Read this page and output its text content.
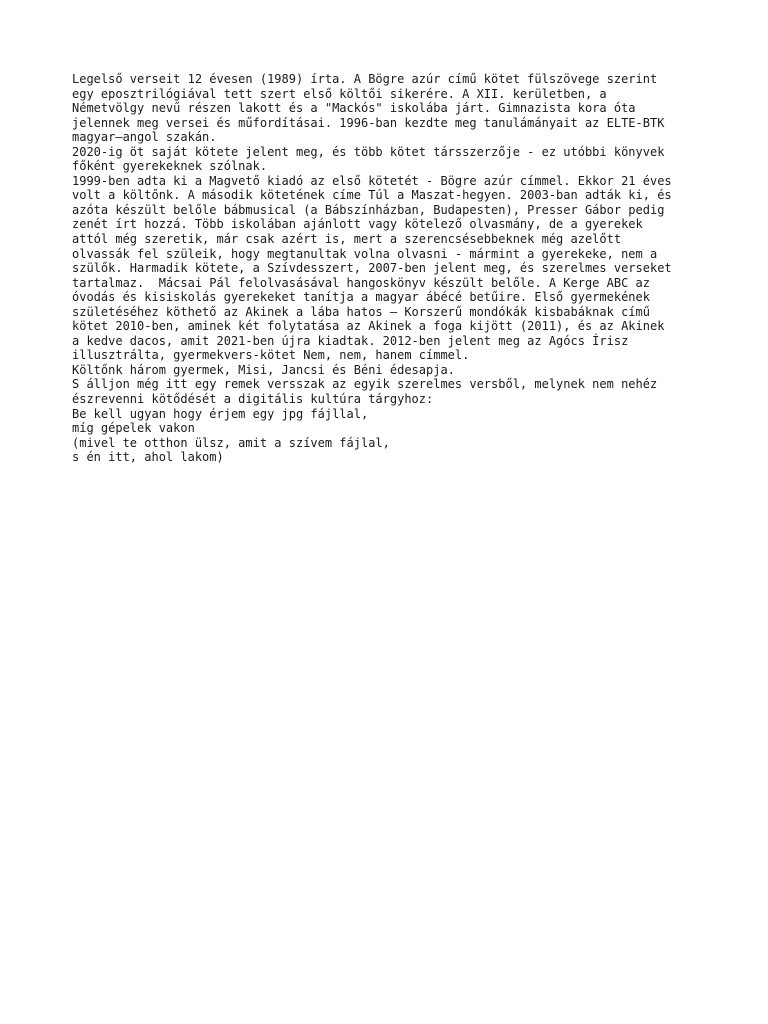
Legelső verseit 12 évesen (1989) írta. A Bögre azúr című kötet fülszövege szerint
egy eposztrilógiával tett szert első költői sikerére. A XII. kerületben, a
Németvölgy nevű részen lakott és a "Mackós" iskolába járt. Gimnazista kora óta
jelennek meg versei és műfordításai. 1996-ban kezdte meg tanulámányait az ELTE-BTK
magyar–angol szakán.

2020-ig öt saját kötete jelent meg, és több kötet társszerzője - ez utóbbi könyvek
főként gyerekeknek szólnak.

1999-ben adta ki a Magvető kiadó az első kötetét - Bögre azúr címmel. Ekkor 21 éves
volt a költőnk. A második kötetének címe Túl a Maszat-hegyen. 2003-ban adták ki, és
azóta készült belőle bábmusical (a Bábszínházban, Budapesten), Presser Gábor pedig
zenét írt hozzá. Több iskolában ajánlott vagy kötelező olvasmány, de a gyerekek
attól még szeretik, már csak azért is, mert a szerencsésebbeknek még azelőtt
olvassák fel szüleik, hogy megtanultak volna olvasni - mármint a gyerekeke, nem a
szülők. Harmadik kötete, a Szívdesszert, 2007-ben jelent meg, és szerelmes verseket
tartalmaz.  Mácsai Pál felolvasásával hangoskönyv készült belőle. A Kerge ABC az
óvodás és kisiskolás gyerekeket tanítja a magyar ábécé betűire. Első gyermekének
születéséhez köthető az Akinek a lába hatos – Korszerű mondókák kisbabáknak című
kötet 2010-ben, aminek két folytatása az Akinek a foga kijött (2011), és az Akinek
a kedve dacos, amit 2021-ben újra kiadtak. 2012-ben jelent meg az Agócs Írisz
illusztrálta, gyermekvers-kötet Nem, nem, hanem címmel.

Költőnk három gyermek, Misi, Jancsi és Béni édesapja.

S álljon még itt egy remek versszak az egyik szerelmes versből, melynek nem nehéz
észrevenni kötődését a digitális kultúra tárgyhoz:

Be kell ugyan hogy érjem egy jpg fájllal,
míg gépelek vakon
(mivel te otthon ülsz, amit a szívem fájlal,
s én itt, ahol lakom)
